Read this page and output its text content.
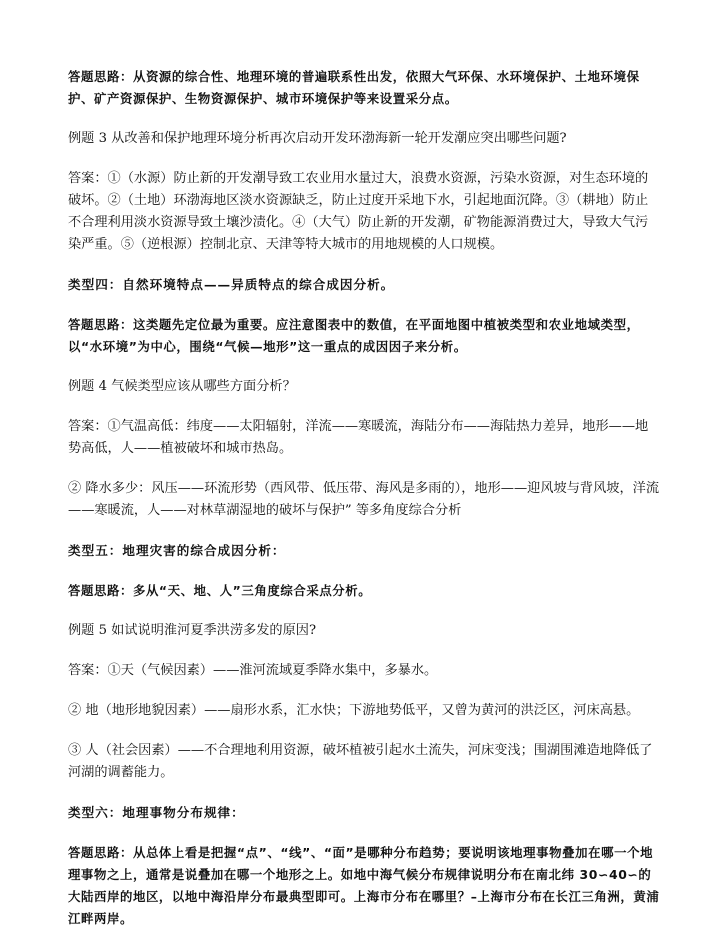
答题思路：从资源的综合性、地理环境的普遍联系性出发，依照大气环保、水环境保护、土地环境保护、矿产资源保护、生物资源保护、城市环境保护等来设置采分点。

例题 3 从改善和保护地理环境分析再次启动开发环渤海新一轮开发潮应突出哪些问题?

答案：①（水源）防止新的开发潮导致工农业用水量过大，浪费水资源，污染水资源，对生态环境的破坏。②（土地）环渤海地区淡水资源缺乏，防止过度开采地下水，引起地面沉降。③（耕地）防止不合理利用淡水资源导致土壤沙渍化。④（大气）防止新的开发潮，矿物能源消费过大，导致大气污染严重。⑤（逆根源）控制北京、天津等特大城市的用地规模的人口规模。

类型四：自然环境特点——异质特点的综合成因分析。

答题思路：这类题先定位最为重要。应注意图表中的数值，在平面地图中植被类型和农业地域类型，以“水环境”为中心，围绕“气候—地形”这一重点的成因因子来分析。

例题 4 气候类型应该从哪些方面分析？

答案：①气温高低：纬度——太阳辐射，洋流——寒暖流，海陆分布——海陆热力差异，地形——地势高低，人——植被破坏和城市热岛。

② 降水多少：风压——环流形势（西风带、低压带、海风是多雨的），地形——迎风坡与背风坡，洋流——寒暖流，人——对林草湖湿地的破坏与保护” 等多角度综合分析

类型五：地理灾害的综合成因分析：

答题思路：多从“天、地、人”三角度综合采点分析。

例题 5 如试说明淮河夏季洪涝多发的原因?

答案：①天（气候因素）——淮河流域夏季降水集中，多暴水。

② 地（地形地貌因素）——扇形水系，汇水快；下游地势低平，又曾为黄河的洪泛区，河床高悬。

③ 人（社会因素）——不合理地利用资源，破坏植被引起水土流失，河床变浅；围湖围滩造地降低了河湖的调蓄能力。

类型六：地理事物分布规律：

答题思路：从总体上看是把握“点”、“线”、“面”是哪种分布趋势；要说明该地理事物叠加在哪一个地理事物之上，通常是说叠加在哪一个地形之上。如地中海气候分布规律说明分布在南北纬 30∽40∽的大陆西岸的地区，以地中海沿岸分布最典型即可。上海市分布在哪里？–上海市分布在长江三角洲，黄浦江畔两岸。
